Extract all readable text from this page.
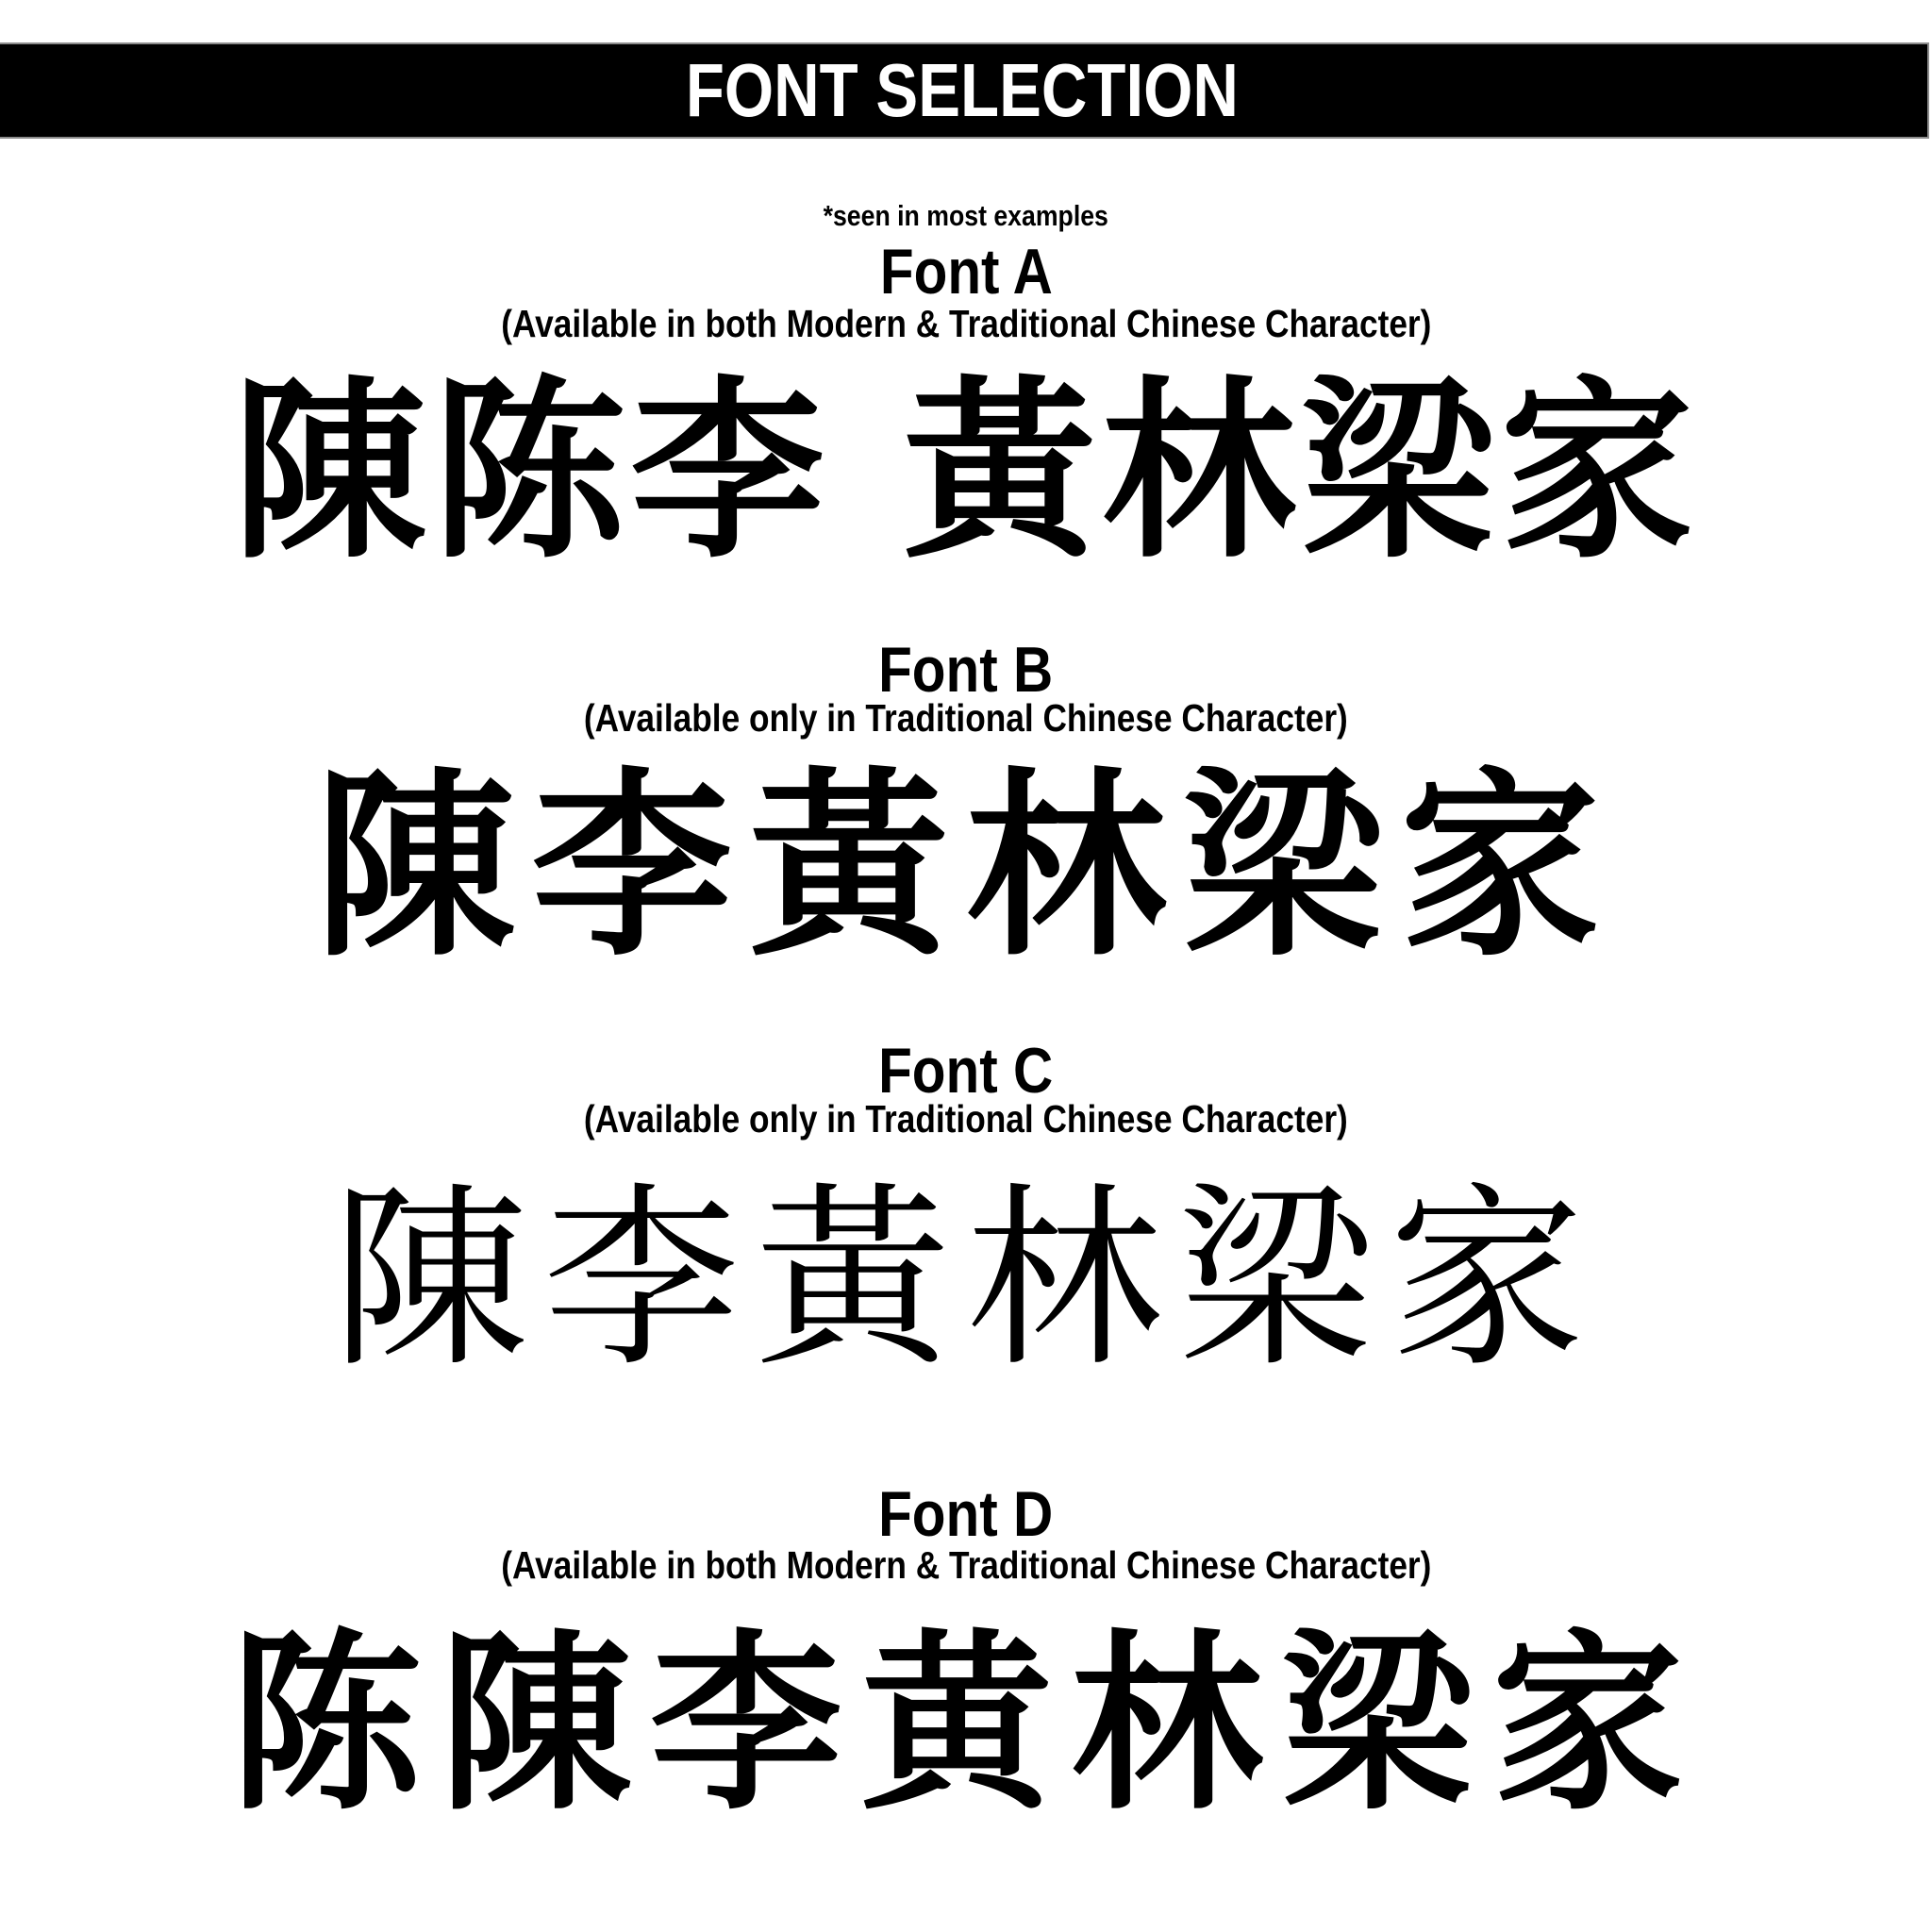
FONT SELECTION
*seen in most examples
Font A
(Available in both Modern & Traditional Chinese Character)
陳陈李 黃林梁家
Font B
(Available only in Traditional Chinese Character)
陳李黃林梁家
Font C
(Available only in Traditional Chinese Character)
陳李黃林梁家
Font D
(Available in both Modern & Traditional Chinese Character)
陈陳李黄林梁家
